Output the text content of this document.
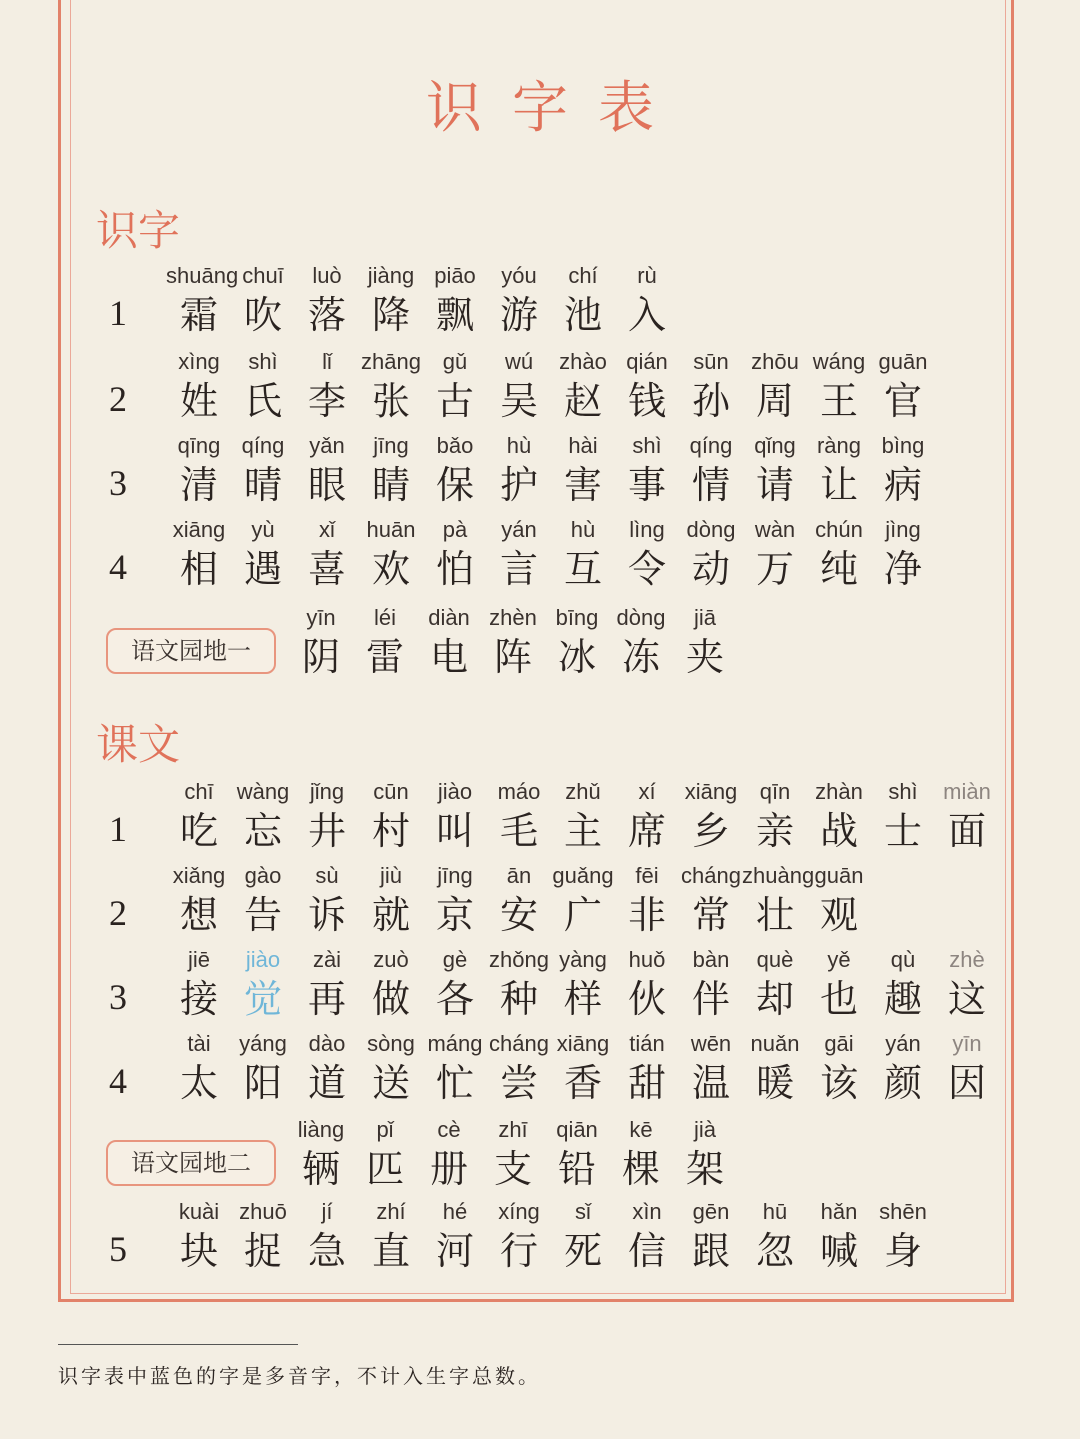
识字表
识字
1
shuāng
霜
chuī
吹
luò
落
jiàng
降
piāo
飘
yóu
游
chí
池
rù
入
2
xìng
姓
shì
氏
lǐ
李
zhāng
张
gǔ
古
wú
吴
zhào
赵
qián
钱
sūn
孙
zhōu
周
wáng
王
guān
官
3
qīng
清
qíng
晴
yǎn
眼
jīng
睛
bǎo
保
hù
护
hài
害
shì
事
qíng
情
qǐng
请
ràng
让
bìng
病
4
xiāng
相
yù
遇
xǐ
喜
huān
欢
pà
怕
yán
言
hù
互
lìng
令
dòng
动
wàn
万
chún
纯
jìng
净
语文园地一
yīn
阴
léi
雷
diàn
电
zhèn
阵
bīng
冰
dòng
冻
jiā
夹
课文
1
chī
吃
wàng
忘
jǐng
井
cūn
村
jiào
叫
máo
毛
zhǔ
主
xí
席
xiāng
乡
qīn
亲
zhàn
战
shì
士
miàn
面
2
xiǎng
想
gào
告
sù
诉
jiù
就
jīng
京
ān
安
guǎng
广
fēi
非
cháng
常
zhuàng
壮
guān
观
3
jiē
接
jiào
觉
zài
再
zuò
做
gè
各
zhǒng
种
yàng
样
huǒ
伙
bàn
伴
què
却
yě
也
qù
趣
zhè
这
4
tài
太
yáng
阳
dào
道
sòng
送
máng
忙
cháng
尝
xiāng
香
tián
甜
wēn
温
nuǎn
暖
gāi
该
yán
颜
yīn
因
语文园地二
liàng
辆
pǐ
匹
cè
册
zhī
支
qiān
铅
kē
棵
jià
架
5
kuài
块
zhuō
捉
jí
急
zhí
直
hé
河
xíng
行
sǐ
死
xìn
信
gēn
跟
hū
忽
hǎn
喊
shēn
身
识字表中蓝色的字是多音字，不计入生字总数。
